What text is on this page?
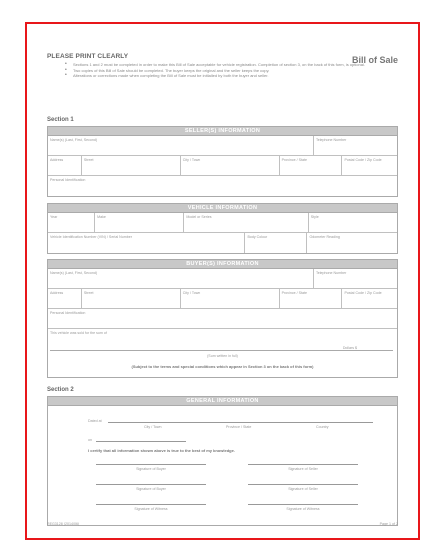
PLEASE PRINT CLEARLY	Bill of Sale
• Sections 1 and 2 must be completed in order to make this Bill of Sale acceptable for vehicle registration. Completion of section 3, on the back of this form, is optional.
• Two copies of this Bill of Sale should be completed. The buyer keeps the original and the seller keeps the copy.
• Alterations or corrections made when completing the Bill of Sale must be initialled by both the buyer and seller.
Section 1
SELLER(S) INFORMATION
Name(s) (Last, First, Second)	Telephone Number
Address	Street	City / Town	Province / State	Postal Code / Zip Code
Personal Identification
VEHICLE INFORMATION
Year	Make	Model or Series	Style
Vehicle Identification Number (VIN) / Serial Number	Body Colour	Odometer Reading
BUYER(S) INFORMATION
Name(s) (Last, First, Second)	Telephone Number
Address	Street	City / Town	Province / State	Postal Code / Zip Code
Personal Identification
This vehicle was sold for the sum of
Dollars $
(Sum written in full)
(Subject to the terms and special conditions which appear in Section 3 on the back of this form)
Section 2
GENERAL INFORMATION
Dated at
City / Town	Province / State	Country
on
I certify that all information shown above is true to the best of my knowledge.
Signature of Buyer	Signature of Seller
Signature of Buyer	Signature of Seller
Signature of Witness	Signature of Witness
REG3128 (2014/06)	Page 1 of 2
